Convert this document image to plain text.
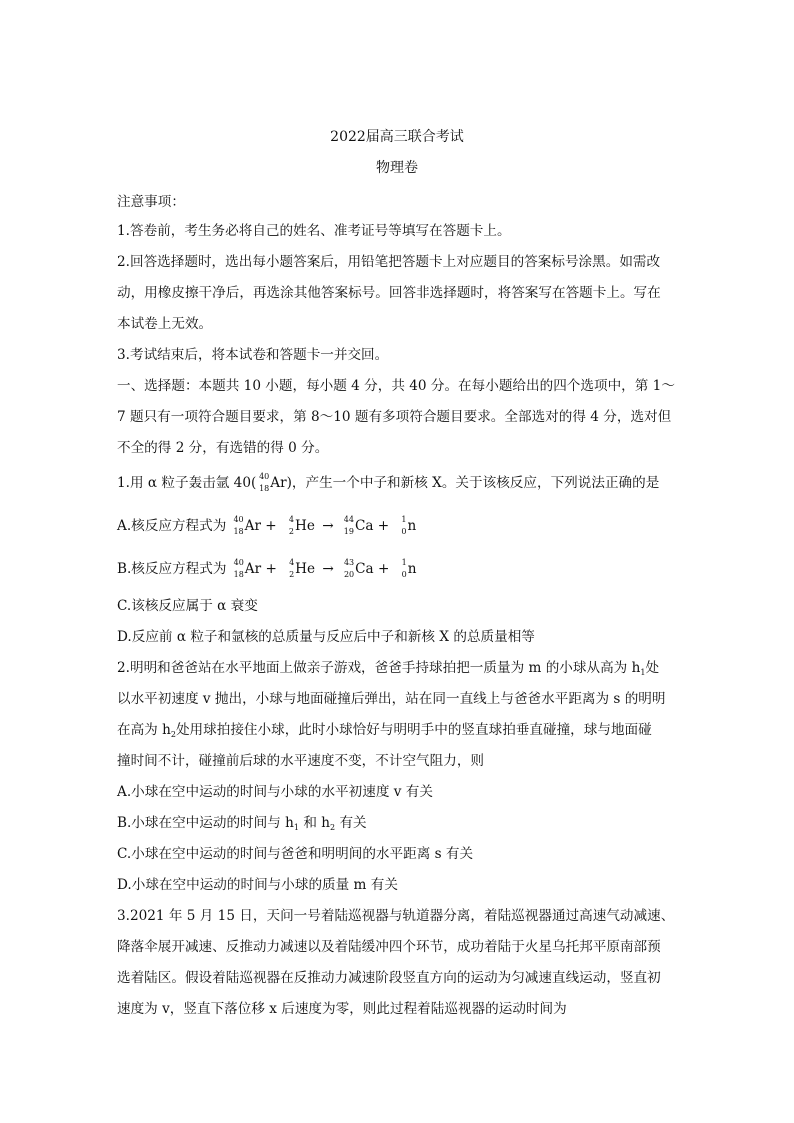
2022届高三联合考试
物理卷
注意事项：
1.答卷前，考生务必将自己的姓名、准考证号等填写在答题卡上。
2.回答选择题时，选出每小题答案后，用铅笔把答题卡上对应题目的答案标号涂黑。如需改
动，用橡皮擦干净后，再选涂其他答案标号。回答非选择题时，将答案写在答题卡上。写在
本试卷上无效。
3.考试结束后，将本试卷和答题卡一并交回。
一、选择题：本题共 10 小题，每小题 4 分，共 40 分。在每小题给出的四个选项中，第 1～
7 题只有一项符合题目要求，第 8～10 题有多项符合题目要求。全部选对的得 4 分，选对但
不全的得 2 分，有选错的得 0 分。
1.用 α 粒子轰击氩 40( 40
18 Ar)，产生一个中子和新核 X。关于该核反应，下列说法正确的是
A.核反应方程式为 40
18 Ar + 4
2 He → 44
19 Ca + 1
0 n
B.核反应方程式为 40
18 Ar + 4
2 He → 43
20 Ca + 1
0 n
C.该核反应属于 α 衰变
D.反应前 α 粒子和氩核的总质量与反应后中子和新核 X 的总质量相等
2.明明和爸爸站在水平地面上做亲子游戏，爸爸手持球拍把一质量为 m 的小球从高为 $h_1$处
以水平初速度 v 抛出，小球与地面碰撞后弹出，站在同一直线上与爸爸水平距离为 s 的明明
在高为 $h_2$处用球拍接住小球，此时小球恰好与明明手中的竖直球拍垂直碰撞，球与地面碰
撞时间不计，碰撞前后球的水平速度不变，不计空气阻力，则
A.小球在空中运动的时间与小球的水平初速度 v 有关
B.小球在空中运动的时间与 $h_1$ 和 $h_2$ 有关
C.小球在空中运动的时间与爸爸和明明间的水平距离 s 有关
D.小球在空中运动的时间与小球的质量 m 有关
3.2021 年 5 月 15 日，天问一号着陆巡视器与轨道器分离，着陆巡视器通过高速气动减速、
降落伞展开减速、反推动力减速以及着陆缓冲四个环节，成功着陆于火星乌托邦平原南部预
选着陆区。假设着陆巡视器在反推动力减速阶段竖直方向的运动为匀减速直线运动，竖直初
速度为 v，竖直下落位移 x 后速度为零，则此过程着陆巡视器的运动时间为
